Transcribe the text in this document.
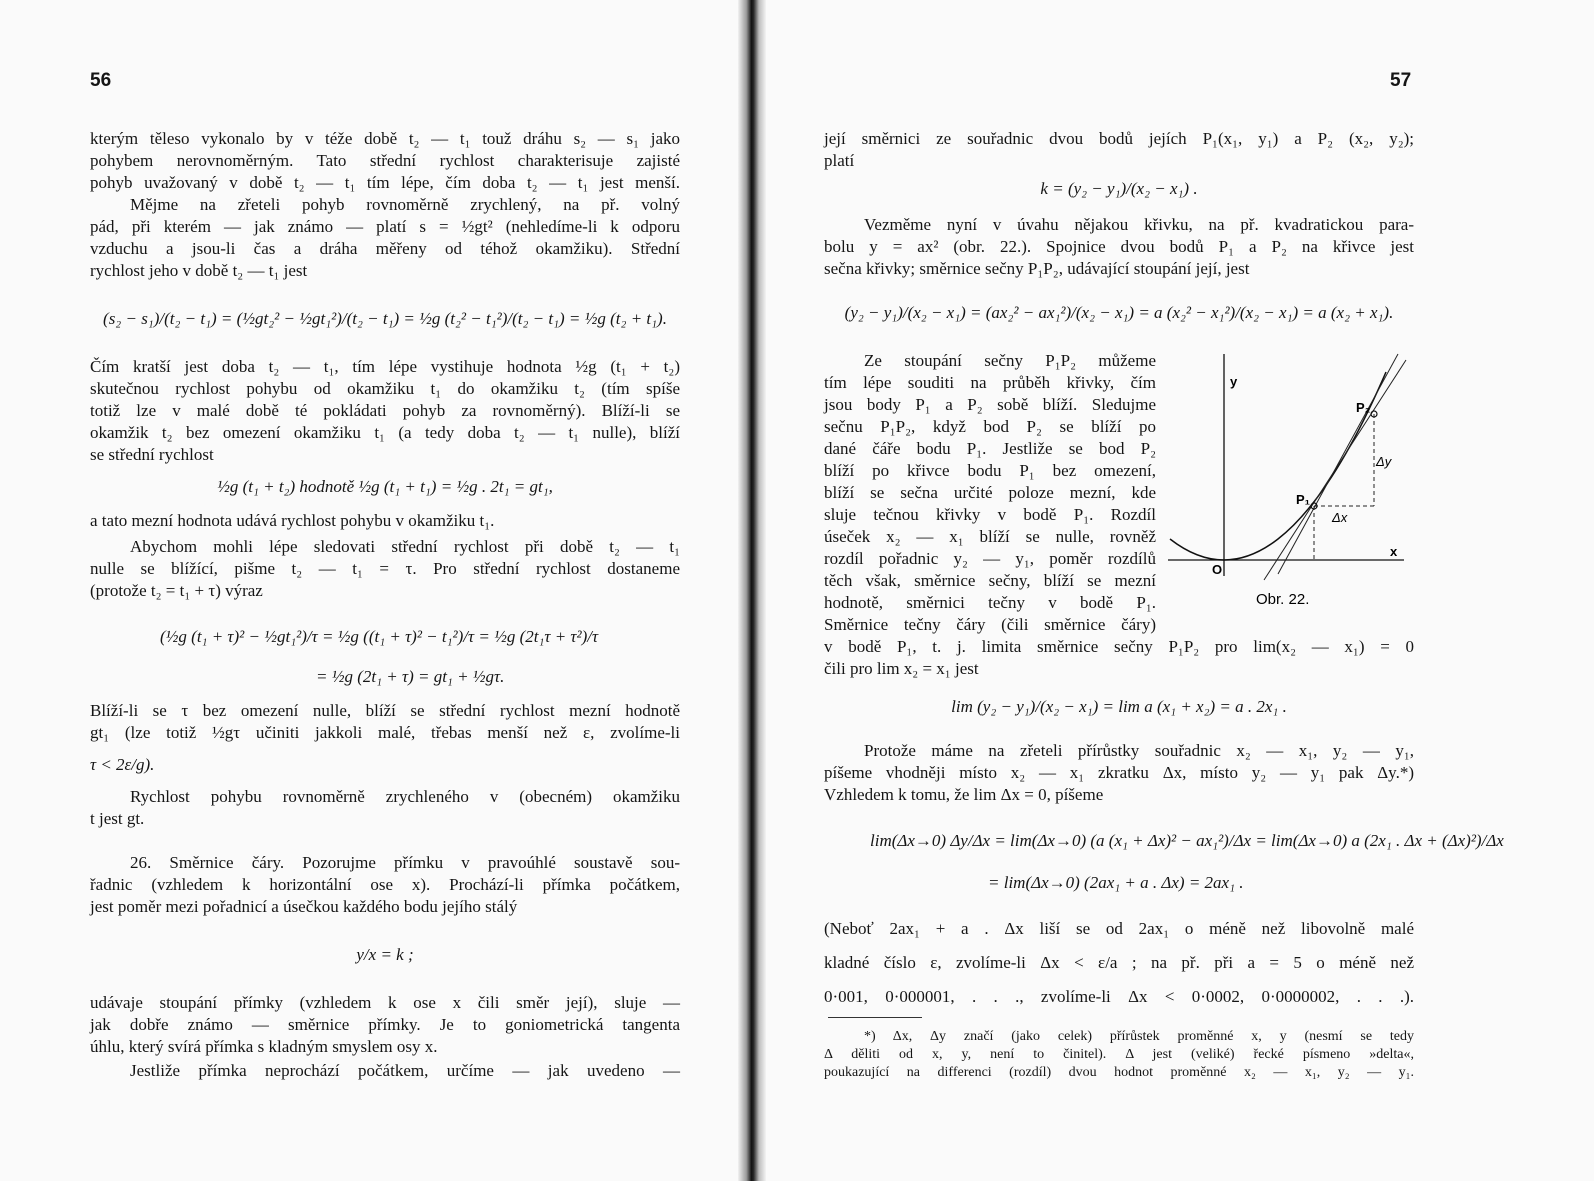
56
kterým těleso vykonalo by v téže době t₂ — t₁ touž dráhu s₂ — s₁ jako
pohybem nerovnoměrným. Tato střední rychlost charakterisuje zajisté
pohyb uvažovaný v době t₂ — t₁ tím lépe, čím doba t₂ — t₁ jest menší.
Mějme na zřeteli pohyb rovnoměrně zrychlený, na př. volný
pád, při kterém — jak známo — platí s = ½gt² (nehledíme-li k odporu
vzduchu a jsou-li čas a dráha měřeny od téhož okamžiku). Střední
rychlost jeho v době t₂ — t₁ jest
(s₂ − s₁)/(t₂ − t₁) = (½gt₂² − ½gt₁²)/(t₂ − t₁) = ½g (t₂² − t₁²)/(t₂ − t₁) = ½g (t₂ + t₁).
Čím kratší jest doba t₂ — t₁, tím lépe vystihuje hodnota ½g (t₁ + t₂)
skutečnou rychlost pohybu od okamžiku t₁ do okamžiku t₂ (tím spíše
totiž lze v malé době té pokládati pohyb za rovnoměrný). Blíží-li se
okamžik t₂ bez omezení okamžiku t₁ (a tedy doba t₂ — t₁ nulle), blíží
se střední rychlost
½g (t₁ + t₂) hodnotě ½g (t₁ + t₁) = ½g . 2t₁ = gt₁,
a tato mezní hodnota udává rychlost pohybu v okamžiku t₁.
Abychom mohli lépe sledovati střední rychlost při době t₂ — t₁
nulle se blížící, pišme t₂ — t₁ = τ. Pro střední rychlost dostaneme
(protože t₂ = t₁ + τ) výraz
(½g (t₁ + τ)² − ½gt₁²)/τ = ½g ((t₁ + τ)² − t₁²)/τ = ½g (2t₁τ + τ²)/τ
= ½g (2t₁ + τ) = gt₁ + ½gτ.
Blíží-li se τ bez omezení nulle, blíží se střední rychlost mezní hodnotě
gt₁ (lze totiž ½gτ učiniti jakkoli malé, třebas menší než ε, zvolíme-li
τ < 2ε/g).
Rychlost pohybu rovnoměrně zrychleného v (obecném) okamžiku
t jest gt.
26. Směrnice čáry. Pozorujme přímku v pravoúhlé soustavě sou-
řadnic (vzhledem k horizontální ose x). Prochází-li přímka počátkem,
jest poměr mezi pořadnicí a úsečkou každého bodu jejího stálý
y/x = k ;
udávaje stoupání přímky (vzhledem k ose x čili směr její), sluje —
jak dobře známo — směrnice přímky. Je to goniometrická tangenta
úhlu, který svírá přímka s kladným smyslem osy x.
Jestliže přímka neprochází počátkem, určíme — jak uvedeno —
57
její směrnici ze souřadnic dvou bodů jejích P₁(x₁, y₁) a P₂ (x₂, y₂);
platí
k = (y₂ − y₁)/(x₂ − x₁) .
Vezměme nyní v úvahu nějakou křivku, na př. kvadratickou para-
bolu y = ax² (obr. 22.). Spojnice dvou bodů P₁ a P₂ na křivce jest
sečna křivky; směrnice sečny P₁P₂, udávající stoupání její, jest
(y₂ − y₁)/(x₂ − x₁) = (ax₂² − ax₁²)/(x₂ − x₁) = a (x₂² − x₁²)/(x₂ − x₁) = a (x₂ + x₁).
Ze stoupání sečny P₁P₂ můžeme
tím lépe souditi na průběh křivky, čím
jsou body P₁ a P₂ sobě blíží. Sledujme
sečnu P₁P₂, když bod P₂ se blíží po
dané čáře bodu P₁. Jestliže se bod P₂
blíží po křivce bodu P₁ bez omezení,
blíží se sečna určité poloze mezní, kde
sluje tečnou křivky v bodě P₁. Rozdíl
úseček x₂ — x₁ blíží se nulle, rovněž
rozdíl pořadnic y₂ — y₁, poměr rozdílů
těch však, směrnice sečny, blíží se mezní
hodnotě, směrnici tečny v bodě P₁.
Směrnice tečny čáry (čili směrnice čáry)
v bodě P₁, t. j. limita směrnice sečny P₁P₂ pro lim(x₂ — x₁) = 0
čili pro lim x₂ = x₁ jest
lim (y₂ − y₁)/(x₂ − x₁) = lim a (x₁ + x₂) = a . 2x₁ .
Protože máme na zřeteli přírůstky souřadnic x₂ — x₁, y₂ — y₁,
píšeme vhodněji místo x₂ — x₁ zkratku Δx, místo y₂ — y₁ pak Δy.*)
Vzhledem k tomu, že lim Δx = 0, píšeme
lim(Δx→0) Δy/Δx = lim(Δx→0) (a (x₁ + Δx)² − ax₁²)/Δx = lim(Δx→0) a (2x₁ . Δx + (Δx)²)/Δx
= lim(Δx→0) (2ax₁ + a . Δx) = 2ax₁ .
(Neboť 2ax₁ + a . Δx liší se od 2ax₁ o méně než libovolně malé
kladné číslo ε, zvolíme-li Δx < ε/a ; na př. při a = 5 o méně než
0·001, 0·000001, . . ., zvolíme-li Δx < 0·0002, 0·0000002, . . .).
*) Δx, Δy značí (jako celek) přírůstek proměnné x, y (nesmí se tedy
Δ děliti od x, y, není to činitel). Δ jest (veliké) řecké písmeno »delta«,
poukazující na differenci (rozdíl) dvou hodnot proměnné x₂ — x₁, y₂ — y₁.
y
x
O
P₁
P₂
Δx
Δy
Obr. 22.
